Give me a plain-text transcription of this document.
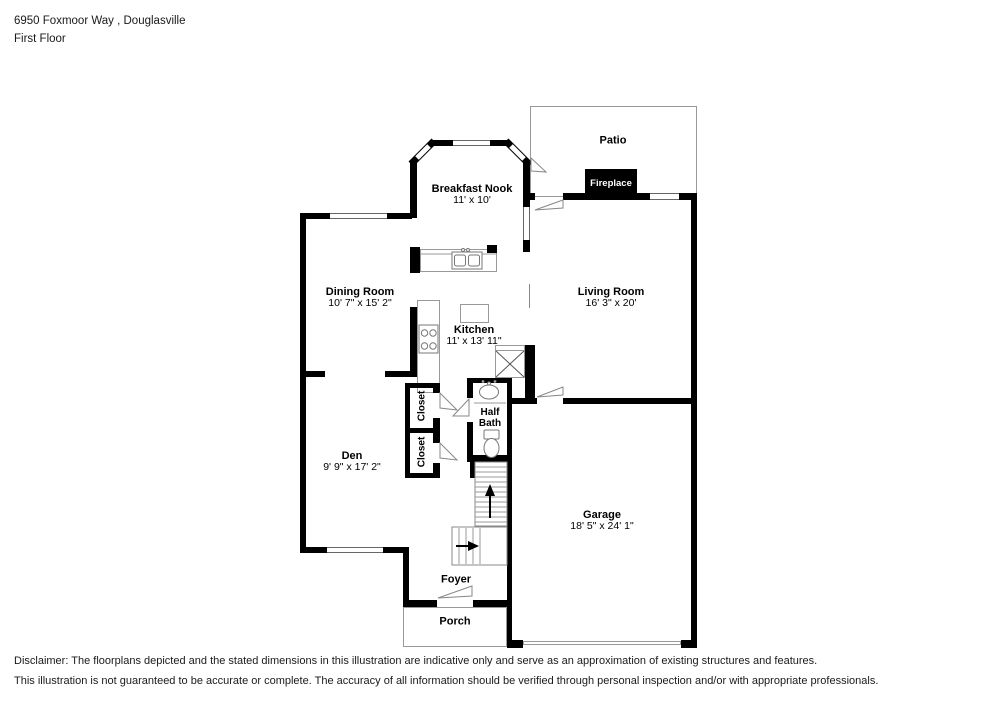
6950 Foxmoor Way , Douglasville
First Floor
Fireplace
Patio
Breakfast Nook
11' x 10'
Dining Room
10' 7" x 15' 2"
Living Room
16' 3" x 20'
Kitchen
11' x 13' 11"
Den
9' 9" x 17' 2"
Garage
18' 5" x 24' 1"
Foyer
Porch
Closet
Closet
Half Bath
Disclaimer: The floorplans depicted and the stated dimensions in this illustration are indicative only and serve as an approximation of existing structures and features.
This illustration is not guaranteed to be accurate or complete. The accuracy of all information should be verified through personal inspection and/or with appropriate professionals.
